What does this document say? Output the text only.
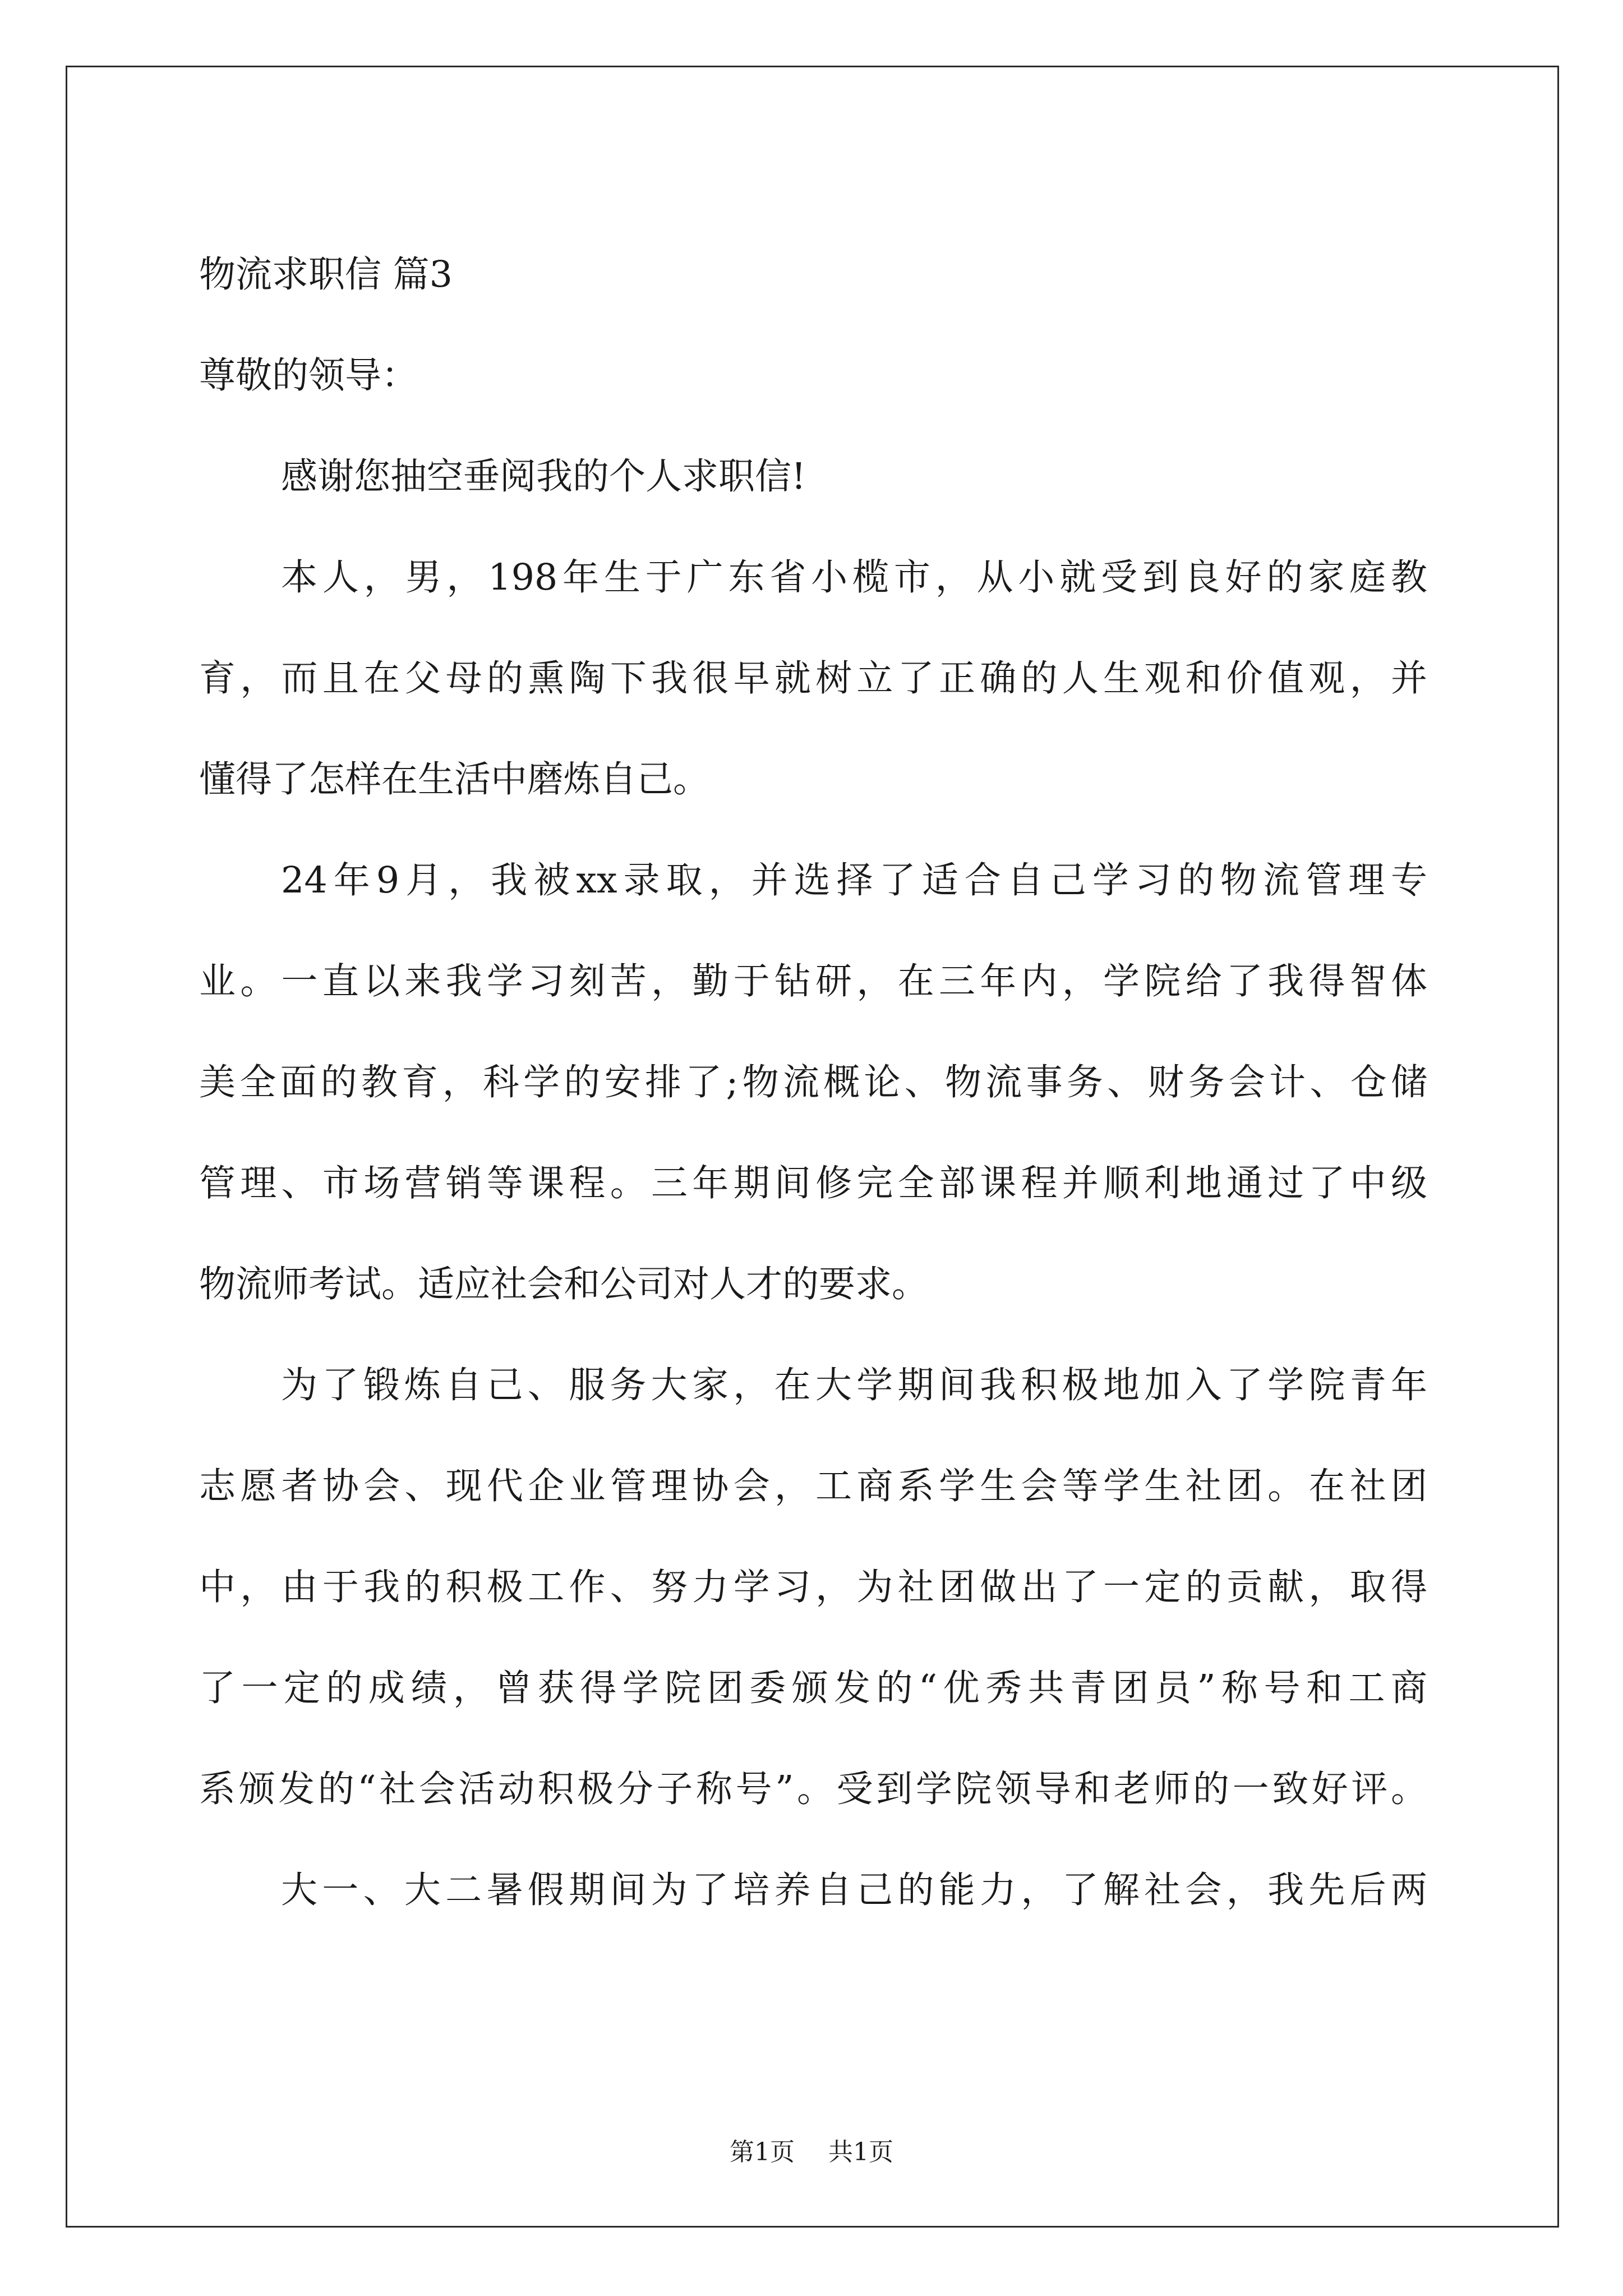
物流求职信 篇3
尊敬的领导：
感谢您抽空垂阅我的个人求职信!
本人，男，198年生于广东省小榄市，从小就受到良好的家庭教
育，而且在父母的熏陶下我很早就树立了正确的人生观和价值观，并
懂得了怎样在生活中磨炼自己。
24年9月，我被xx录取，并选择了适合自己学习的物流管理专
业。一直以来我学习刻苦，勤于钻研，在三年内，学院给了我得智体
美全面的教育，科学的安排了;物流概论、物流事务、财务会计、仓储
管理、市场营销等课程。三年期间修完全部课程并顺利地通过了中级
物流师考试。适应社会和公司对人才的要求。
为了锻炼自己、服务大家，在大学期间我积极地加入了学院青年
志愿者协会、现代企业管理协会，工商系学生会等学生社团。在社团
中，由于我的积极工作、努力学习，为社团做出了一定的贡献，取得
了一定的成绩，曾获得学院团委颁发的“优秀共青团员”称号和工商
系颁发的“社会活动积极分子称号”。受到学院领导和老师的一致好评。
大一、大二暑假期间为了培养自己的能力，了解社会，我先后两
第1页 共1页
